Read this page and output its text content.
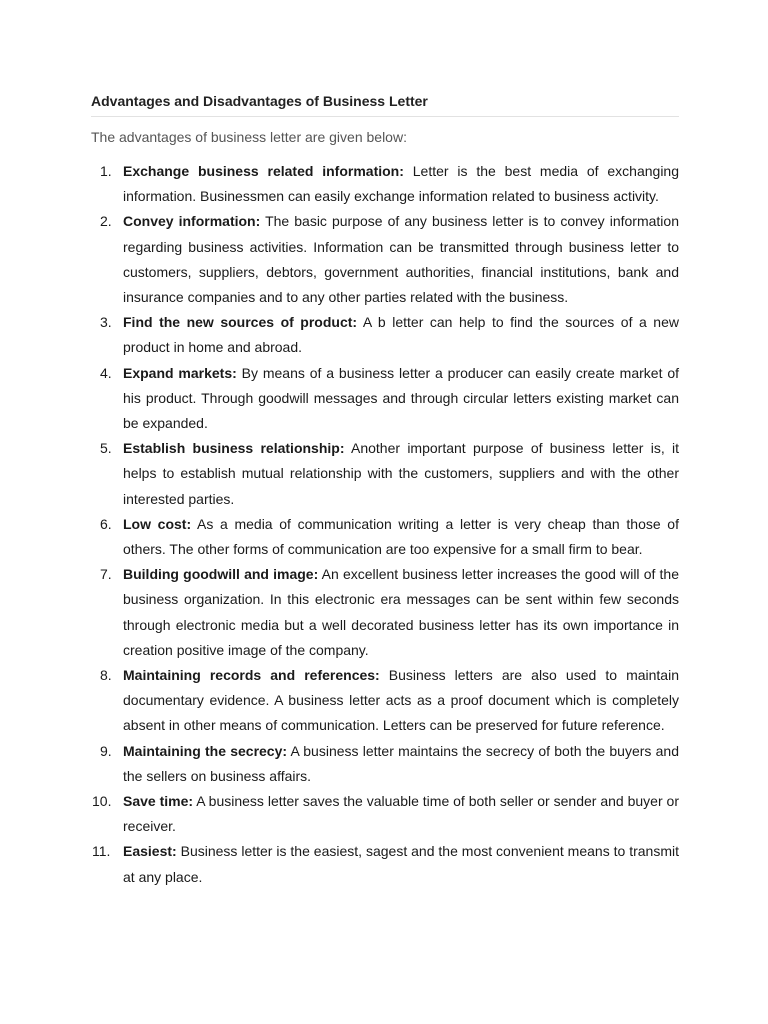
Advantages and Disadvantages of Business Letter

The advantages of business letter are given below:

1. Exchange business related information: Letter is the best media of exchanging information. Businessmen can easily exchange information related to business activity.
2. Convey information: The basic purpose of any business letter is to convey information regarding business activities. Information can be transmitted through business letter to customers, suppliers, debtors, government authorities, financial institutions, bank and insurance companies and to any other parties related with the business.
3. Find the new sources of product: A b letter can help to find the sources of a new product in home and abroad.
4. Expand markets: By means of a business letter a producer can easily create market of his product. Through goodwill messages and through circular letters existing market can be expanded.
5. Establish business relationship: Another important purpose of business letter is, it helps to establish mutual relationship with the customers, suppliers and with the other interested parties.
6. Low cost: As a media of communication writing a letter is very cheap than those of others. The other forms of communication are too expensive for a small firm to bear.
7. Building goodwill and image: An excellent business letter increases the good will of the business organization. In this electronic era messages can be sent within few seconds through electronic media but a well decorated business letter has its own importance in creation positive image of the company.
8. Maintaining records and references: Business letters are also used to maintain documentary evidence. A business letter acts as a proof document which is completely absent in other means of communication. Letters can be preserved for future reference.
9. Maintaining the secrecy: A business letter maintains the secrecy of both the buyers and the sellers on business affairs.
10. Save time: A business letter saves the valuable time of both seller or sender and buyer or receiver.
11. Easiest: Business letter is the easiest, sagest and the most convenient means to transmit at any place.
